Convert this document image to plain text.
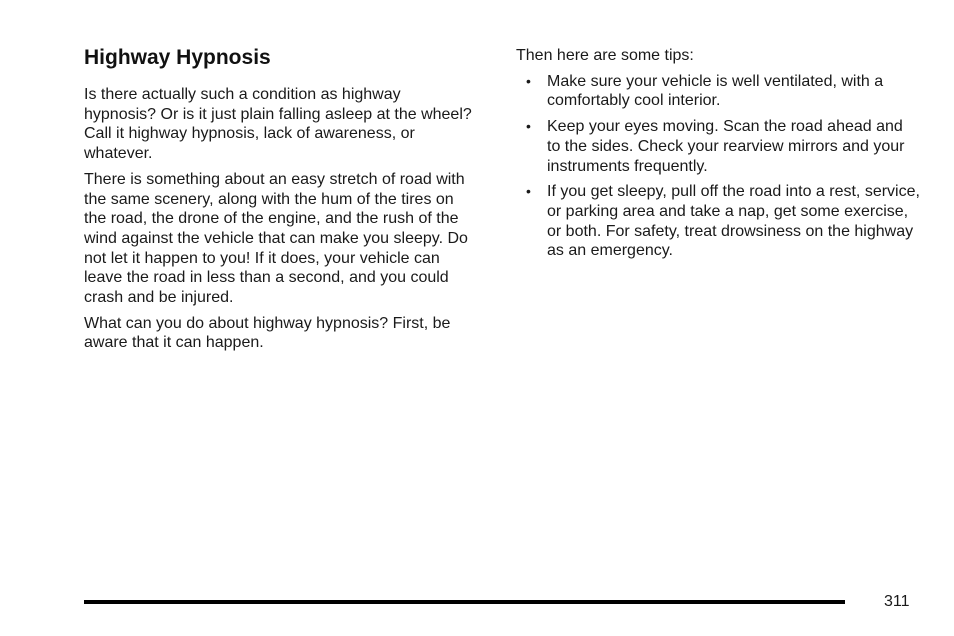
Highway Hypnosis

Is there actually such a condition as highway hypnosis? Or is it just plain falling asleep at the wheel? Call it highway hypnosis, lack of awareness, or whatever.

There is something about an easy stretch of road with the same scenery, along with the hum of the tires on the road, the drone of the engine, and the rush of the wind against the vehicle that can make you sleepy. Do not let it happen to you! If it does, your vehicle can leave the road in less than a second, and you could crash and be injured.

What can you do about highway hypnosis? First, be aware that it can happen.

Then here are some tips:

• Make sure your vehicle is well ventilated, with a comfortably cool interior.
• Keep your eyes moving. Scan the road ahead and to the sides. Check your rearview mirrors and your instruments frequently.
• If you get sleepy, pull off the road into a rest, service, or parking area and take a nap, get some exercise, or both. For safety, treat drowsiness on the highway as an emergency.
311
